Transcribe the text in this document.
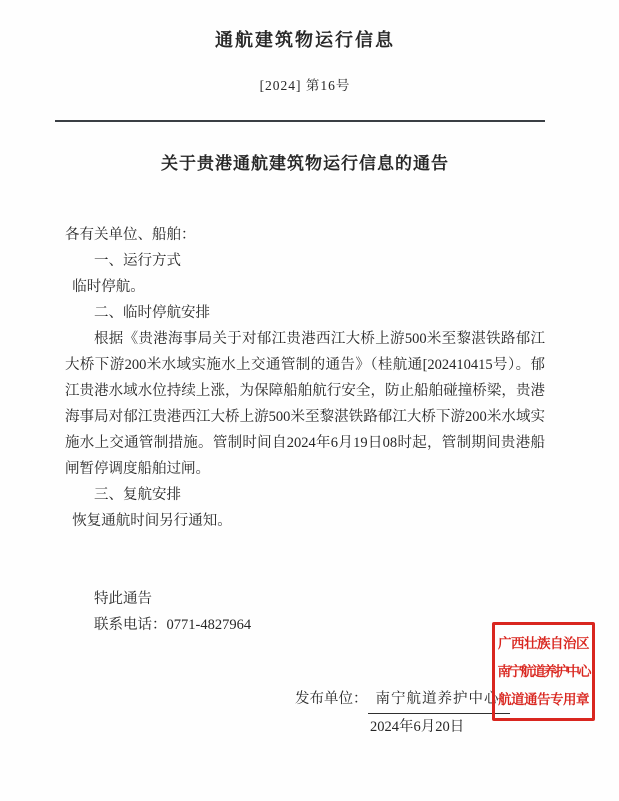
通航建筑物运行信息
[2024] 第16号
关于贵港通航建筑物运行信息的通告

各有关单位、船舶：

一、运行方式

临时停航。

二、临时停航安排

根据《贵港海事局关于对郁江贵港西江大桥上游500米至黎湛铁路郁江大桥下游200米水域实施水上交通管制的通告》（桂航通[202410415号）。郁江贵港水域水位持续上涨，为保障船舶航行安全，防止船舶碰撞桥梁，贵港海事局对郁江贵港西江大桥上游500米至黎湛铁路郁江大桥下游200米水域实施水上交通管制措施。管制时间自2024年6月19日08时起，管制期间贵港船闸暂停调度船舶过闸。

三、复航安排

恢复通航时间另行通知。

特此通告

联系电话：0771-4827964

发布单位： 南宁航道养护中心
2024年6月20日
广西壮族自治区
南宁航道养护中心
航道通告专用章
